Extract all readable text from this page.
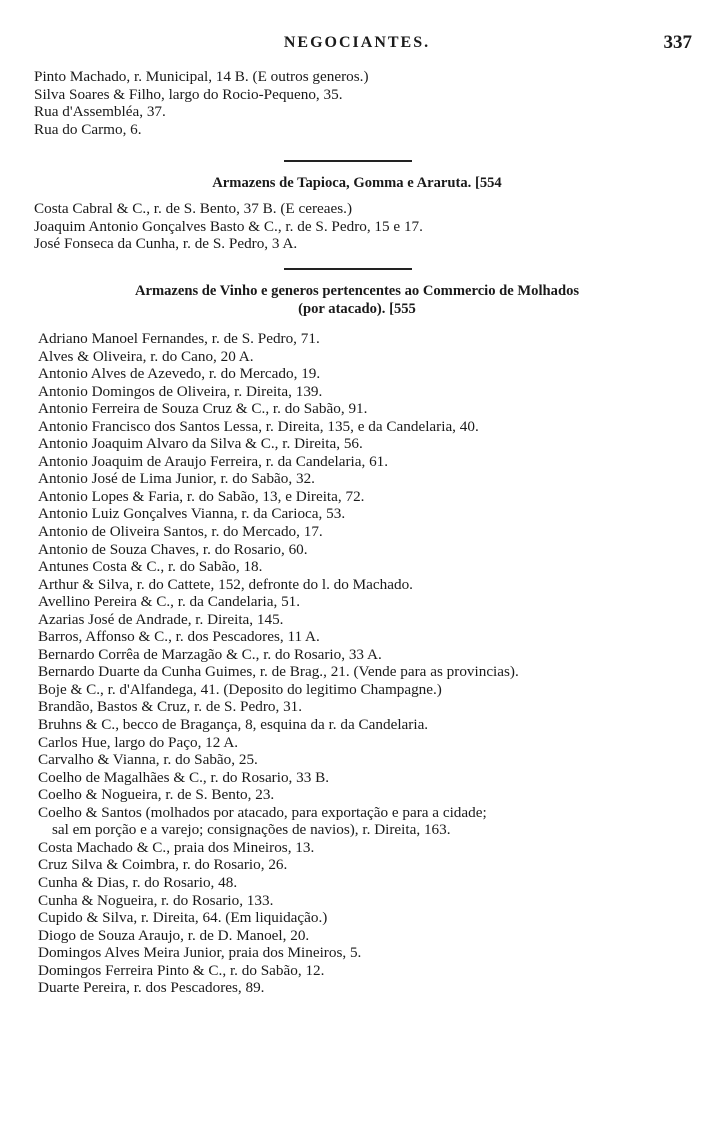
NEGOCIANTES.	337
Pinto Machado, r. Municipal, 14 B. (E outros generos.)
Silva Soares & Filho, largo do Rocio-Pequeno, 35.
Rua d'Assembléa, 37.
Rua do Carmo, 6.
Armazens de Tapioca, Gomma e Araruta. [554
Costa Cabral & C., r. de S. Bento, 37 B. (E cereaes.)
Joaquim Antonio Gonçalves Basto & C., r. de S. Pedro, 15 e 17.
José Fonseca da Cunha, r. de S. Pedro, 3 A.
Armazens de Vinho e generos pertencentes ao Commercio de Molhados
(por atacado). [555
Adriano Manoel Fernandes, r. de S. Pedro, 71.
Alves & Oliveira, r. do Cano, 20 A.
Antonio Alves de Azevedo, r. do Mercado, 19.
Antonio Domingos de Oliveira, r. Direita, 139.
Antonio Ferreira de Souza Cruz & C., r. do Sabão, 91.
Antonio Francisco dos Santos Lessa, r. Direita, 135, e da Candelaria, 40.
Antonio Joaquim Alvaro da Silva & C., r. Direita, 56.
Antonio Joaquim de Araujo Ferreira, r. da Candelaria, 61.
Antonio José de Lima Junior, r. do Sabão, 32.
Antonio Lopes & Faria, r. do Sabão, 13, e Direita, 72.
Antonio Luiz Gonçalves Vianna, r. da Carioca, 53.
Antonio de Oliveira Santos, r. do Mercado, 17.
Antonio de Souza Chaves, r. do Rosario, 60.
Antunes Costa & C., r. do Sabão, 18.
Arthur & Silva, r. do Cattete, 152, defronte do l. do Machado.
Avellino Pereira & C., r. da Candelaria, 51.
Azarias José de Andrade, r. Direita, 145.
Barros, Affonso & C., r. dos Pescadores, 11 A.
Bernardo Corrêa de Marzagão & C., r. do Rosario, 33 A.
Bernardo Duarte da Cunha Guimes, r. de Brag., 21. (Vende para as provincias).
Boje & C., r. d'Alfandega, 41. (Deposito do legitimo Champagne.)
Brandão, Bastos & Cruz, r. de S. Pedro, 31.
Bruhns & C., becco de Bragança, 8, esquina da r. da Candelaria.
Carlos Hue, largo do Paço, 12 A.
Carvalho & Vianna, r. do Sabão, 25.
Coelho de Magalhães & C., r. do Rosario, 33 B.
Coelho & Nogueira, r. de S. Bento, 23.
Coelho & Santos (molhados por atacado, para exportação e para a cidade;
sal em porção e a varejo; consignações de navios), r. Direita, 163.
Costa Machado & C., praia dos Mineiros, 13.
Cruz Silva & Coimbra, r. do Rosario, 26.
Cunha & Dias, r. do Rosario, 48.
Cunha & Nogueira, r. do Rosario, 133.
Cupido & Silva, r. Direita, 64. (Em liquidação.)
Diogo de Souza Araujo, r. de D. Manoel, 20.
Domingos Alves Meira Junior, praia dos Mineiros, 5.
Domingos Ferreira Pinto & C., r. do Sabão, 12.
Duarte Pereira, r. dos Pescadores, 89.
